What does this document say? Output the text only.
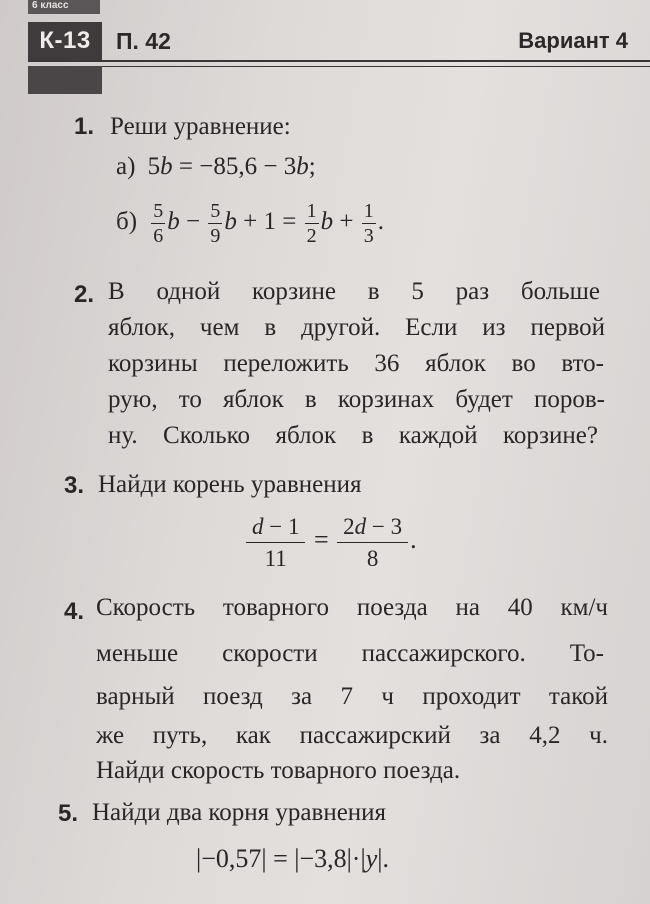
6 класс
К-13	П. 42	Вариант 4
1. Реши уравнение:
а) 5b = −85,6 − 3b;
$б) \frac{5}{6}$ $b - \frac{5}{9}$ $b + 1 = \frac{1}{2}$ $b + \frac{1}{3}$ .
2. В одной корзине в 5 раз больше
яблок, чем в другой. Если из первой
корзины переложить 36 яблок во вто-
рую, то яблок в корзинах будет поров-
ну. Сколько яблок в каждой корзине?
3. Найди корень уравнения
$\frac{d - 1}{11} = \frac{2d - 3}{8}$ .
4. Скорость товарного поезда на 40 км/ч
меньше скорости пассажирского. То-
варный поезд за 7 ч проходит такой
же путь, как пассажирский за 4,2 ч.
Найди скорость товарного поезда.
5. Найди два корня уравнения
|−0,57| = |−3,8|·|y|.
